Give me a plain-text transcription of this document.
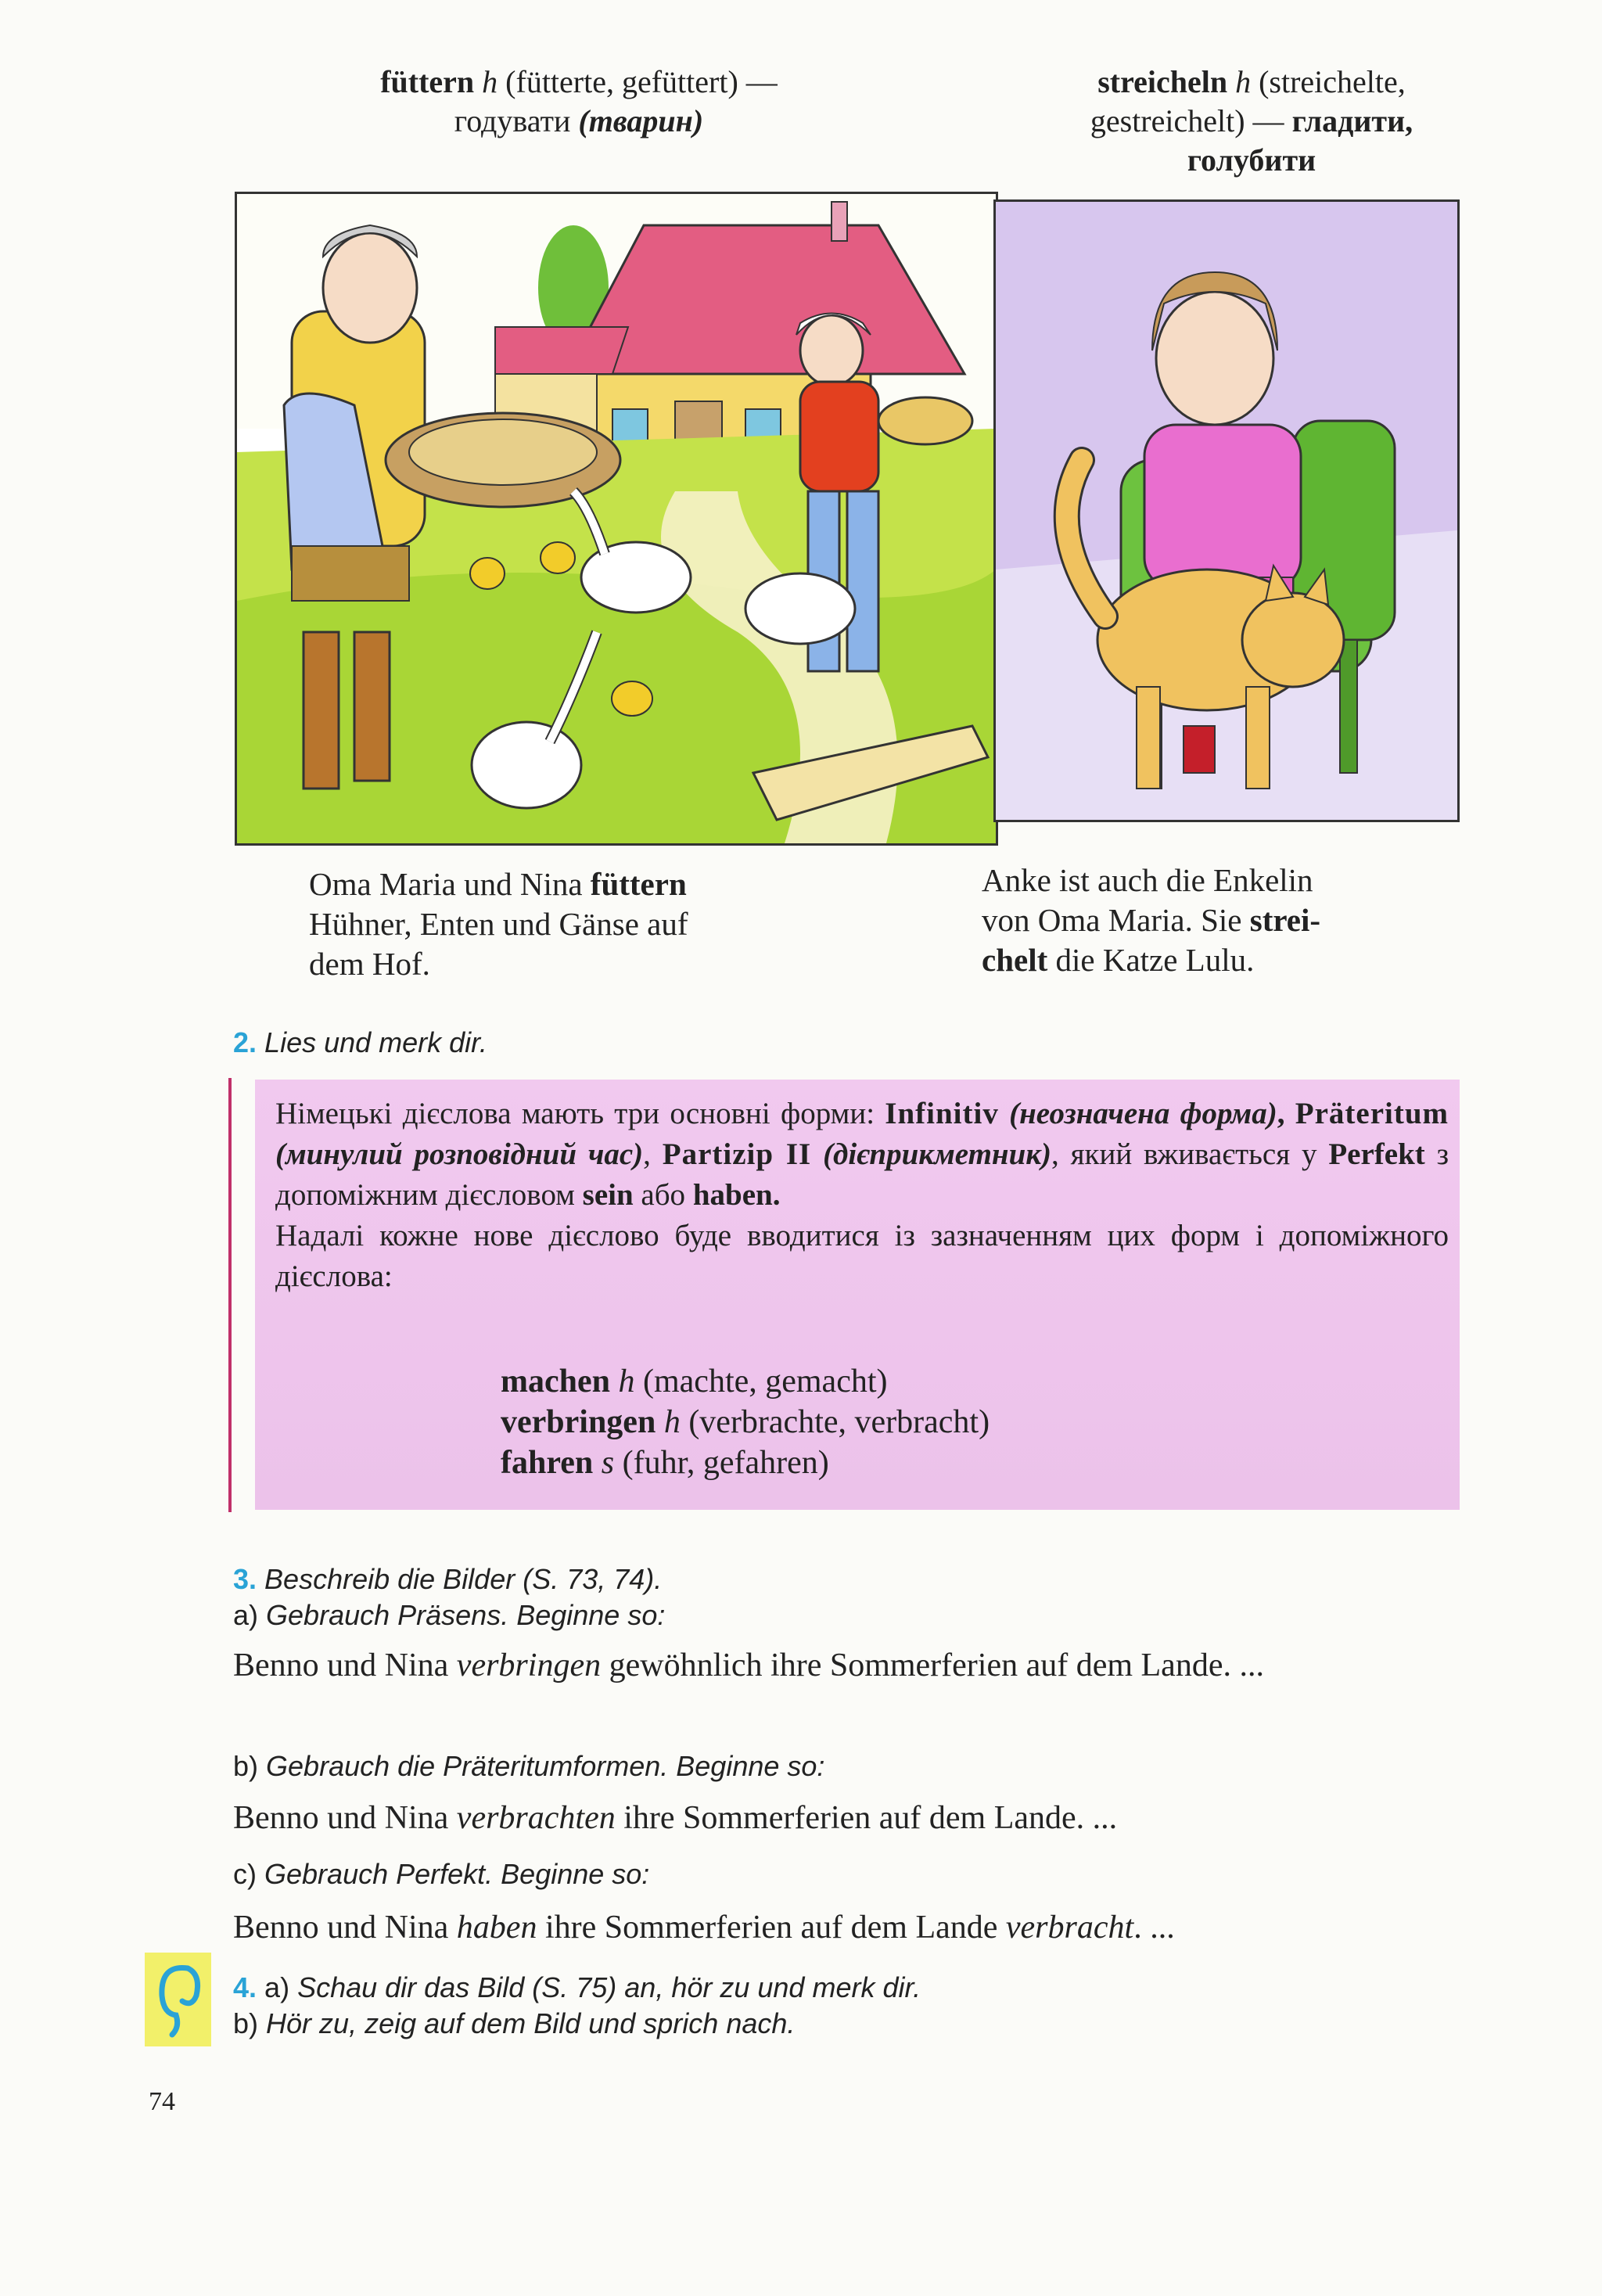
füttern h (fütterte, gefüttert) —
годувати (тварин)
streicheln h (streichelte,
gestreichelt) — гладити,
голубити
Oma Maria und Nina füttern
Hühner, Enten und Gänse auf
dem Hof.
Anke ist auch die Enkelin
von Oma Maria. Sie strei-
chelt die Katze Lulu.
2. Lies und merk dir.
Німецькі дієслова мають три основні форми: Infinitiv (неозначена форма), Präteritum (минулий розповідний час), Partizip II (дієприкметник), який вживається у Perfekt з допоміжним дієсловом sein або haben.
Надалі кожне нове дієслово буде вводитися із зазначенням цих форм і допоміжного дієслова:
machen h (machte, gemacht)
verbringen h (verbrachte, verbracht)
fahren s (fuhr, gefahren)
3. Beschreib die Bilder (S. 73, 74).
a) Gebrauch Präsens. Beginne so:
Benno und Nina verbringen gewöhnlich ihre Sommerferien auf dem Lande. ...
b) Gebrauch die Präteritumformen. Beginne so:
Benno und Nina verbrachten ihre Sommerferien auf dem Lande. ...
c) Gebrauch Perfekt. Beginne so:
Benno und Nina haben ihre Sommerferien auf dem Lande verbracht. ...
4. a) Schau dir das Bild (S. 75) an, hör zu und merk dir.
b) Hör zu, zeig auf dem Bild und sprich nach.
74
